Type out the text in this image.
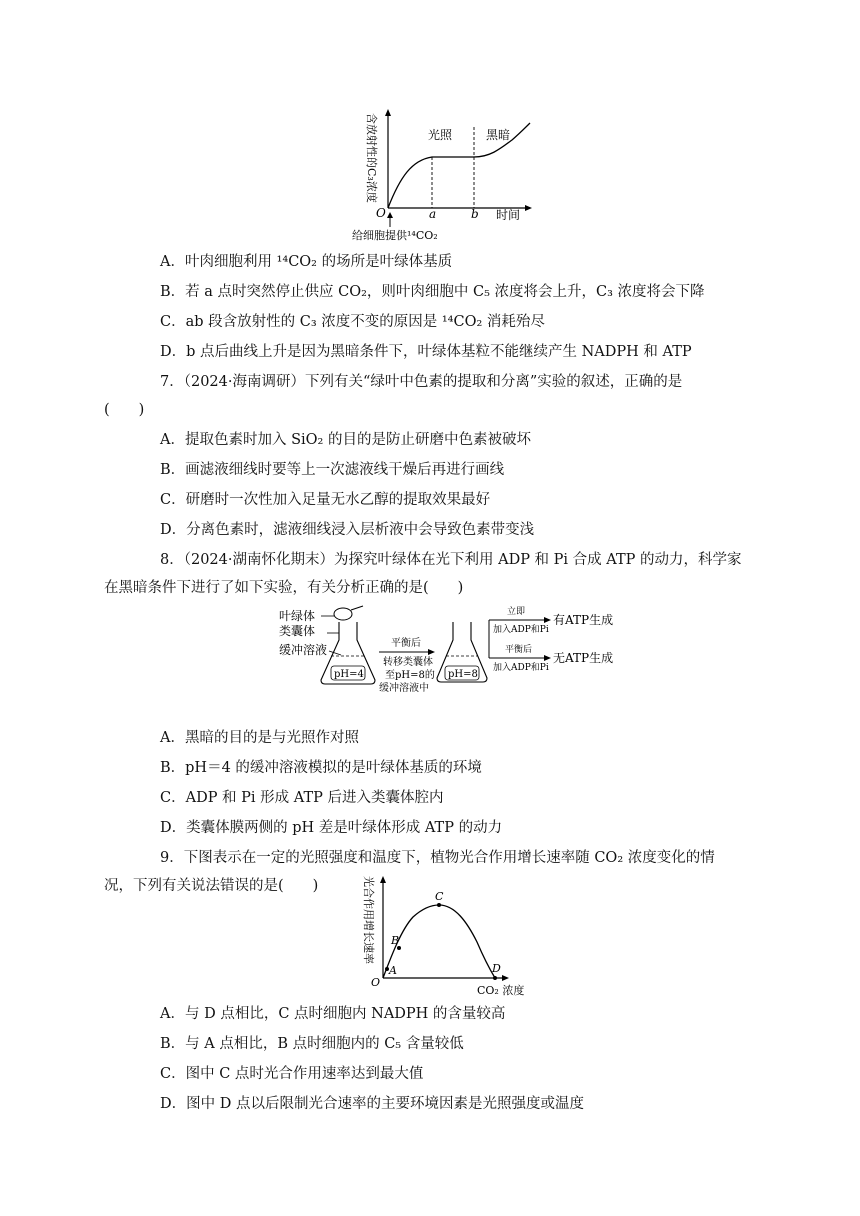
含放射性的C₃浓度	光照	黑暗
O	a	b 时间
给细胞提供¹⁴CO₂
A．叶肉细胞利用 ¹⁴CO₂ 的场所是叶绿体基质
B．若 a 点时突然停止供应 CO₂，则叶肉细胞中 C₅ 浓度将会上升，C₃ 浓度将会下降
C．ab 段含放射性的 C₃ 浓度不变的原因是 ¹⁴CO₂ 消耗殆尽
D．b 点后曲线上升是因为黑暗条件下，叶绿体基粒不能继续产生 NADPH 和 ATP
7．（2024·海南调研）下列有关“绿叶中色素的提取和分离”实验的叙述，正确的是
(　　)
A．提取色素时加入 SiO₂ 的目的是防止研磨中色素被破坏
B．画滤液细线时要等上一次滤液线干燥后再进行画线
C．研磨时一次性加入足量无水乙醇的提取效果最好
D．分离色素时，滤液细线浸入层析液中会导致色素带变浅
8．（2024·湖南怀化期末）为探究叶绿体在光下利用 ADP 和 Pi 合成 ATP 的动力，科学家
在黑暗条件下进行了如下实验，有关分析正确的是(　　)
叶绿体
类囊体
缓冲溶液
pH=4
平衡后
转移类囊体
至pH=8的
缓冲溶液中
pH=8
立即
加入ADP和Pi
有ATP生成
平衡后
加入ADP和Pi
无ATP生成
A．黑暗的目的是与光照作对照
B．pH＝4 的缓冲溶液模拟的是叶绿体基质的环境
C．ADP 和 Pi 形成 ATP 后进入类囊体腔内
D．类囊体膜两侧的 pH 差是叶绿体形成 ATP 的动力
9．下图表示在一定的光照强度和温度下，植物光合作用增长速率随 CO₂ 浓度变化的情
况，下列有关说法错误的是(　　)	光合作用增长速率
A
B
C
D
O
CO₂ 浓度
A．与 D 点相比，C 点时细胞内 NADPH 的含量较高
B．与 A 点相比，B 点时细胞内的 C₅ 含量较低
C．图中 C 点时光合作用速率达到最大值
D．图中 D 点以后限制光合速率的主要环境因素是光照强度或温度
